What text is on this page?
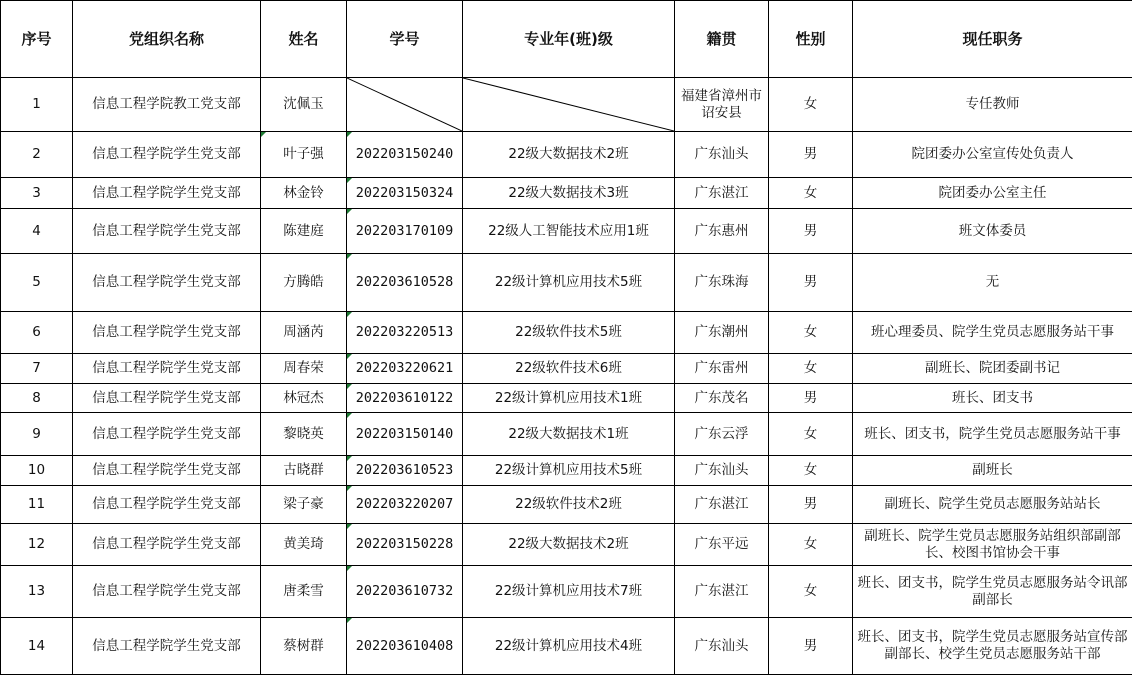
序号	党组织名称	姓名	学号	专业年(班)级	籍贯	性别	现任职务
1	信息工程学院教工党支部	沈佩玉			福建省漳州市诏安县	女	专任教师
2	信息工程学院学生党支部	叶子强	202203150240	22级大数据技术2班	广东汕头	男	院团委办公室宣传处负责人
3	信息工程学院学生党支部	林金铃	202203150324	22级大数据技术3班	广东湛江	女	院团委办公室主任
4	信息工程学院学生党支部	陈建庭	202203170109	22级人工智能技术应用1班	广东惠州	男	班文体委员
5	信息工程学院学生党支部	方腾皓	202203610528	22级计算机应用技术5班	广东珠海	男	无
6	信息工程学院学生党支部	周涵芮	202203220513	22级软件技术5班	广东潮州	女	班心理委员、院学生党员志愿服务站干事
7	信息工程学院学生党支部	周春荣	202203220621	22级软件技术6班	广东雷州	女	副班长、院团委副书记
8	信息工程学院学生党支部	林冠杰	202203610122	22级计算机应用技术1班	广东茂名	男	班长、团支书
9	信息工程学院学生党支部	黎晓英	202203150140	22级大数据技术1班	广东云浮	女	班长、团支书，院学生党员志愿服务站干事
10	信息工程学院学生党支部	古晓群	202203610523	22级计算机应用技术5班	广东汕头	女	副班长
11	信息工程学院学生党支部	梁子豪	202203220207	22级软件技术2班	广东湛江	男	副班长、院学生党员志愿服务站站长
12	信息工程学院学生党支部	黄美琦	202203150228	22级大数据技术2班	广东平远	女	副班长、院学生党员志愿服务站组织部副部长、校图书馆协会干事
13	信息工程学院学生党支部	唐柔雪	202203610732	22级计算机应用技术7班	广东湛江	女	班长、团支书，院学生党员志愿服务站令讯部副部长
14	信息工程学院学生党支部	蔡树群	202203610408	22级计算机应用技术4班	广东汕头	男	班长、团支书，院学生党员志愿服务站宣传部副部长、校学生党员志愿服务站干部
